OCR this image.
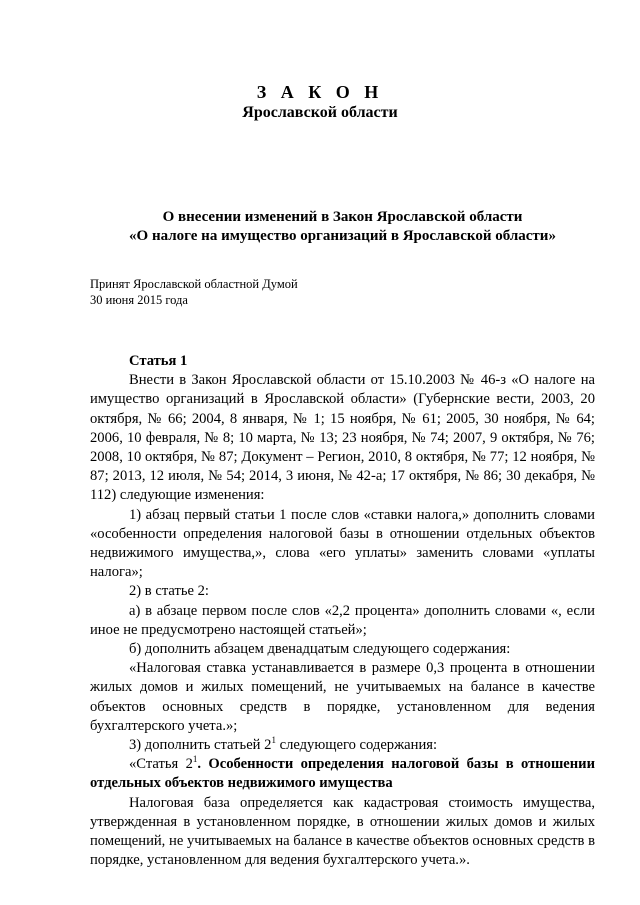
З А К О Н
Ярославской области
О внесении изменений в Закон Ярославской области
«О налоге на имущество организаций в Ярославской области»
Принят Ярославской областной Думой
30 июня 2015 года

Статья 1

Внести в Закон Ярославской области от 15.10.2003 № 46-з «О налоге на имущество организаций в Ярославской области» (Губернские вести, 2003, 20 октября, № 66; 2004, 8 января, № 1; 15 ноября, № 61; 2005, 30 ноября, № 64; 2006, 10 февраля, № 8; 10 марта, № 13; 23 ноября, № 74; 2007, 9 октября, № 76; 2008, 10 октября, № 87; Документ – Регион, 2010, 8 октября, № 77; 12 ноября, № 87; 2013, 12 июля, № 54; 2014, 3 июня, № 42-а; 17 октября, № 86; 30 декабря, № 112) следующие изменения:

1) абзац первый статьи 1 после слов «ставки налога,» дополнить словами «особенности определения налоговой базы в отношении отдельных объектов недвижимого имущества,», слова «его уплаты» заменить словами «уплаты налога»;

2) в статье 2:

а) в абзаце первом после слов «2,2 процента» дополнить словами «, если иное не предусмотрено настоящей статьей»;

б) дополнить абзацем двенадцатым следующего содержания:

«Налоговая ставка устанавливается в размере 0,3 процента в отношении жилых домов и жилых помещений, не учитываемых на балансе в качестве объектов основных средств в порядке, установленном для ведения бухгалтерского учета.»;

3) дополнить статьей $2^1$ следующего содержания:

«Статья $2^1$. Особенности определения налоговой базы в отношении отдельных объектов недвижимого имущества

Налоговая база определяется как кадастровая стоимость имущества, утвержденная в установленном порядке, в отношении жилых домов и жилых помещений, не учитываемых на балансе в качестве объектов основных средств в порядке, установленном для ведения бухгалтерского учета.».
